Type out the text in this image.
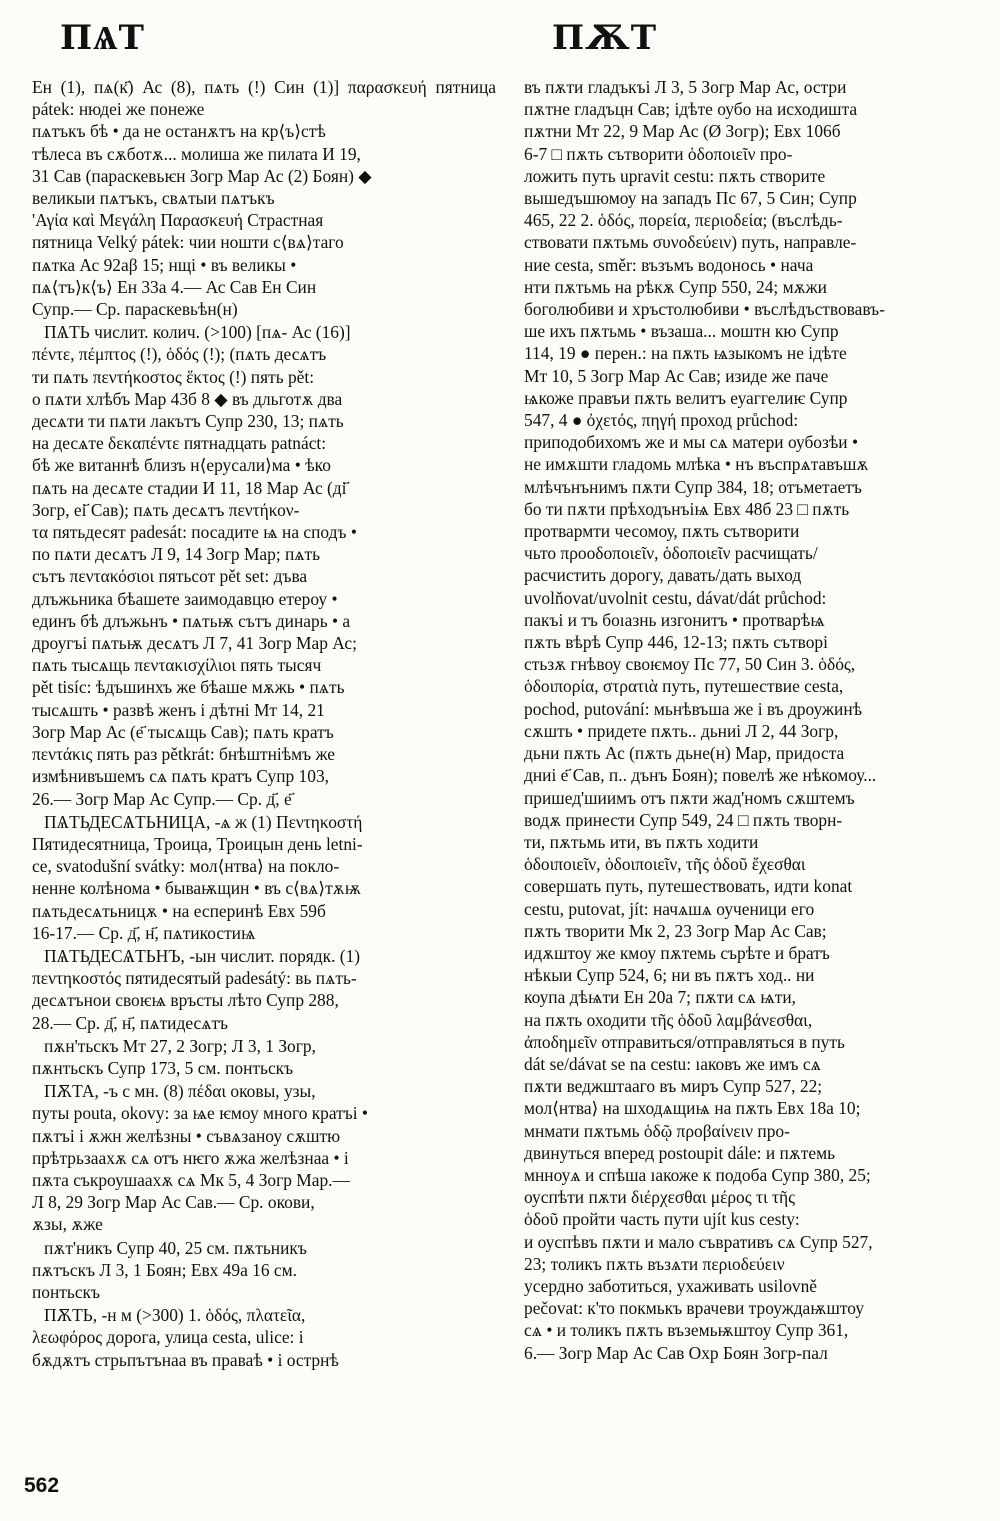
ПѦТ	ПѪТ

Ен (1), пѧ(к҃) Ас (8), пѧть (!) Син (1)] παρασκευή пятница pátek: нюдеі же понеже
пѧтъкъ бѣ • да не останѫтъ на кр⟨ъ⟩стѣ
тѣлеса въ сѫботѫ... молиша же пилата И 19,
31 Сав (параскевьѥн Зогр Мар Ас (2) Боян) ◆
великыи пѧтъкъ, свѧтыи пѧтъкъ
'Αγία καὶ Μεγάλη Παρασκευή Страстная
пятница Velký pátek: чии ношти с⟨вѧ⟩таго
пѧтка Ас 92aβ 15; нщі • въ великы •
пѧ⟨тъ⟩к⟨ъ⟩ Ен 33а 4.— Ас Сав Ен Син
Супр.— Ср. параскевьѣн(н)

ПѦТЬ числит. колич. (>100) [пѧ- Ас (16)]
πέντε, πέμπτος (!), ὁδός (!); (пѧть десѧтъ
ти пѧть πεντήκοστος ἕκτος (!) пять pět:
о пѧти хлѣбъ Мар 43б 8 ◆ въ дльготѫ два
десѧти ти пѧти лакътъ Супр 230, 13; пѧть
на десѧте δεκαπέντε пятнадцать patnáct:
бѣ же витаннѣ близъ н⟨ерусали⟩ма • ѣко
пѧть на десѧте стадии И 11, 18 Мар Ас (ді҃
Зогр, еі҃ Сав); пѧть десѧтъ πεντήκον-
τα пятьдесят padesát: посадите ѩ на сподъ •
по пѧти десѧтъ Л 9, 14 Зогр Мар; пѧть
сътъ πεντακόσιοι пятьсот pět set: дъва
длъжьника бѣашете заимодавцю етероу •
единъ бѣ длъжьнъ • пѧтьѭ сътъ динарь • а
дроугъі пѧтьѭ десѧтъ Л 7, 41 Зогр Мар Ас;
пѧть тысѧщь πεντακισχίλιοι пять тысяч
pět tisíc: ѣдъшинхъ же бѣаше мѫжь • пѧть
тысѧшть • развѣ женъ і дѣтні Мт 14, 21
Зогр Мар Ас (е҃ тысѧщь Сав); пѧть кратъ
πεντάκις пять раз pětkrát: бнѣштніѣмъ же
измѣнивъшемъ сѧ пѧть кратъ Супр 103,
26.— Зогр Мар Ас Супр.— Ср. д҃, е҃

ПѦТЬДЕСѦТЬНИЦА, -ѧ ж (1) Πεντηκοστή
Пятидесятница, Троица, Троицын день letni-
ce, svatodušní svátky: мол⟨нтва⟩ на покло-
ненне колѣнома • бываѭщин • въ с⟨вѧ⟩тѫѭ
пѧтьдесѧтьницѫ • на есперинѣ Евх 59б
16-17.— Ср. д҃, н҃, пѧтикостиѩ

ПѦТЬДЕСѦТЬНЪ, -ын числит. порядк. (1)
πεντηκοστός пятидесятый padesátý: вь пѧть-
десѧтънои своѥѩ връсты лѣто Супр 288,
28.— Ср. д҃, н҃, пѧтидесѧтъ

пѫн'тьскъ Мт 27, 2 Зогр; Л 3, 1 Зогр,
пѫнтьскъ Супр 173, 5 см. понтьскъ

ПѪТА, -ъ с мн. (8) πέδαι оковы, узы,
путы pouta, okovy: за ѩе ѥмоу много кратъі •
пѫтъі і ѫжн желѣзны • съвѧзаноу сѫштю
прѣтрьзаахѫ сѧ отъ нѥго ѫжа желѣзнаа • і
пѫта съкроушаахѫ сѧ Мк 5, 4 Зогр Мар.—
Л 8, 29 Зогр Мар Ас Сав.— Ср. окови,
ѫзы, ѫже

пѫт'никъ Супр 40, 25 см. пѫтьникъ
пѫтъскъ Л 3, 1 Боян; Евх 49а 16 см.
понтьскъ

ПѪТЬ, -н м (>300) 1. ὁδός, πλατεῖα,
λεωφόρος дорога, улица cesta, ulice: і
бѫдѫтъ стрьпътънаа въ праваѣ • і острнѣ

въ пѫти гладъкъі Л 3, 5 Зогр Мар Ас, остри
пѫтне гладъцн Сав; ідѣте оубо на исходишта
пѫтни Мт 22, 9 Мар Ас (Ø Зогр); Евх 106б
6-7 □ пѫть сътворити ὁδοποιεῖν про-
ложить путь upravit cestu: пѫть створите
вышедъшюмоу на западъ Пс 67, 5 Син; Супр
465, 22 2. ὁδός, πορεία, περιοδεία; (въслѣдь-
ствовати пѫтьмь συνοδεύειν) путь, направле-
ние cesta, směr: възъмъ водонось • нача
нти пѫтьмь на рѣкѫ Супр 550, 24; мѫжи
боголюбиви и хръстолюбиви • въслѣдъствовавъ-
ше ихъ пѫтьмь • възаша... моштн кю Супр
114, 19 ● перен.: на пѫть ѩзыкомъ не ідѣте
Мт 10, 5 Зогр Мар Ас Сав; изиде же паче
ѩкоже правъи пѫть велитъ еуаггелиѥ Супр
547, 4 ● ὀχετός, πηγή проход průchod:
приподобихомъ же и мы сѧ матери оубозѣи •
не имѫшти гладомь млѣка • нъ въспрѧтавъшѫ
млѣчънънимъ пѫти Супр 384, 18; отъметаетъ
бо ти пѫти прѣходънъіѩ Евх 48б 23 □ пѫть
протвармти чесомоу, пѫть сътворити
чьто προοδοποιεῖν, ὁδοποιεῖν расчищать/
расчистить дорогу, давать/дать выход
uvolňovat/uvolnit cestu, dávat/dát průchod:
пакъі и тъ боıазнь изгонитъ • протварѣѩ
пѫть вѣрѣ Супр 446, 12-13; пѫть сътворі
стьзѫ гнѣвоу своѥмоу Пс 77, 50 Син 3. ὁδός,
ὁδοιπορία, στρατιὰ путь, путешествие cesta,
pochod, putování: мьнѣвъша же і въ дроужинѣ
сѫшть • придете пѫть.. дьниі Л 2, 44 Зогр,
дьни пѫть Ас (пѫть дьне(н) Мар, придоста
дниі е҃ Сав, п.. дънъ Боян); повелѣ же нѣкомоу...
пришед'шиимъ отъ пѫти жад'номъ сѫштемъ
водѫ принести Супр 549, 24 □ пѫть творн-
ти, пѫтьмь ити, въ пѫть ходити
ὁδοιποιεῖν, ὁδοιποιεῖν, τῆς ὁδοῦ ἔχεσθαι
совершать путь, путешествовать, идти konat
cestu, putovat, jít: начѧшѧ оученици его
пѫть творити Мк 2, 23 Зогр Мар Ас Сав;
идѫштоу же кмоу пѫтемь сърѣте и братъ
нѣкыи Супр 524, 6; ни въ пѫтъ ход.. ни
коупа дѣѩти Ен 20а 7; пѫти сѧ ѩти,
на пѫть оходити τῆς ὁδοῦ λαμβάνεσθαι,
ἀποδημεῖν отправиться/отправляться в путь
dát se/dávat se na cestu: ıаковъ же имъ сѧ
пѫти веджштааго въ миръ Супр 527, 22;
мол⟨нтва⟩ на шходѧщиѩ на пѫть Евх 18а 10;
мнмати пѫтьмь ὁδῷ προβαίνειν про-
двинуться вперед postoupit dále: и пѫтемь
мнноуѧ и спѣша ıакоже к подоба Супр 380, 25;
оуспѣти пѫти διέρχεσθαι μέρος τι τῆς
ὁδοῦ пройти часть пути ujít kus cesty:
и оуспѣвъ пѫти и мало съвративъ сѧ Супр 527,
23; толикъ пѫть възѧти περιοδεύειν
усердно заботиться, ухаживать usilovně
pečovat: к'то покмькъ врачеви троуждаѭштоу
сѧ • и толикъ пѫть въземьѭштоу Супр 361,
6.— Зогр Мар Ас Сав Охр Боян Зогр-пал

562
